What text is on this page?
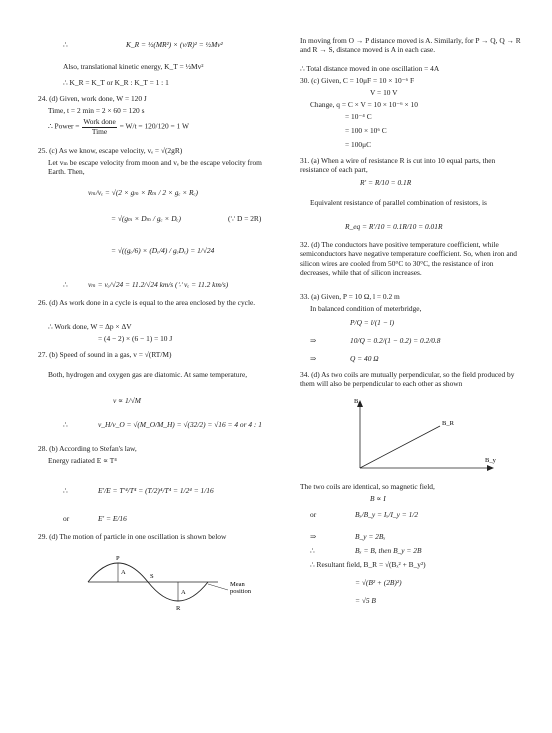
∴	K_R = ½(MR²) × (v/R)² = ½Mv²
Also, translational kinetic energy, K_T = ½Mv²
∴ K_R = K_T or K_R : K_T = 1 : 1
24. (d) Given, work done, W = 120 J
Time, t = 2 min = 2 × 60 = 120 s
∴ Power =
Work done
Time
= W/t = 120/120 = 1 W
25. (c) As we know, escape velocity, vₑ = √(2gR)
Let vₘ be escape velocity from moon and vₑ be the escape velocity from Earth. Then,
vₘ/vₑ = √(2 × gₘ × Rₘ / 2 × gₑ × Rₑ)
= √(gₘ × Dₘ / gₑ × Dₑ)	(∵ D = 2R)
= √((gₑ/6) × (Dₑ/4) / gₑDₑ) = 1/√24
∴	vₘ = vₑ/√24 = 11.2/√24 km/s (∵ vₑ = 11.2 km/s)
26. (d) As work done in a cycle is equal to the area enclosed by the cycle.
∴ Work done, W = Δp × ΔV
= (4 − 2) × (6 − 1) = 10 J
27. (b) Speed of sound in a gas, v = √(RT/M)
Both, hydrogen and oxygen gas are diatomic. At same temperature,
v ∝ 1/√M
∴	v_H/v_O = √(M_O/M_H) = √(32/2) = √16 = 4 or 4 : 1
28. (b) According to Stefan's law,
Energy radiated E ∝ T⁴
∴	E′/E = T′⁴/T⁴ = (T/2)⁴/T⁴ = 1/2⁴ = 1/16
or	E′ = E/16
29. (d) The motion of particle in one oscillation is shown below
P
A
S
A
R
Mean
position
In moving from O → P distance moved is A. Similarly, for P → Q, Q → R and R → S, distance moved is A in each case.
∴ Total distance moved in one oscillation = 4A
30. (c) Given, C = 10μF = 10 × 10⁻⁶ F
V = 10 V
Change, q = C × V = 10 × 10⁻⁶ × 10
= 10⁻⁴ C
= 100 × 10⁶ C
= 100μC
31. (a) When a wire of resistance R is cut into 10 equal parts, then resistance of each part,
R′ = R/10 = 0.1R
Equivalent resistance of parallel combination of resistors, is
R_eq = R′/10 = 0.1R/10 = 0.01R
32. (d) The conductors have positive temperature coefficient, while semiconductors have negative temperature coefficient. So, when iron and silicon wires are cooled from 50°C to 30°C, the resistance of iron decreases, while that of silicon increases.
33. (a) Given, P = 10 Ω, l = 0.2 m
In balanced condition of meterbridge,
P/Q = l/(1 − l)
⇒	10/Q = 0.2/(1 − 0.2) = 0.2/0.8
⇒	Q = 40 Ω
34. (d) As two coils are mutually perpendicular, so the field produced by them will also be perpendicular to each other as shown
Bₓ
B_R
B_y
The two coils are identical, so magnetic field,
B ∝ I
or	Bₓ/B_y = Iₓ/I_y = 1/2
⇒	B_y = 2Bₓ
∴	Bₓ = B, then B_y = 2B
∴ Resultant field, B_R = √(Bₓ² + B_y²)
= √(B² + (2B)²)
= √5 B
